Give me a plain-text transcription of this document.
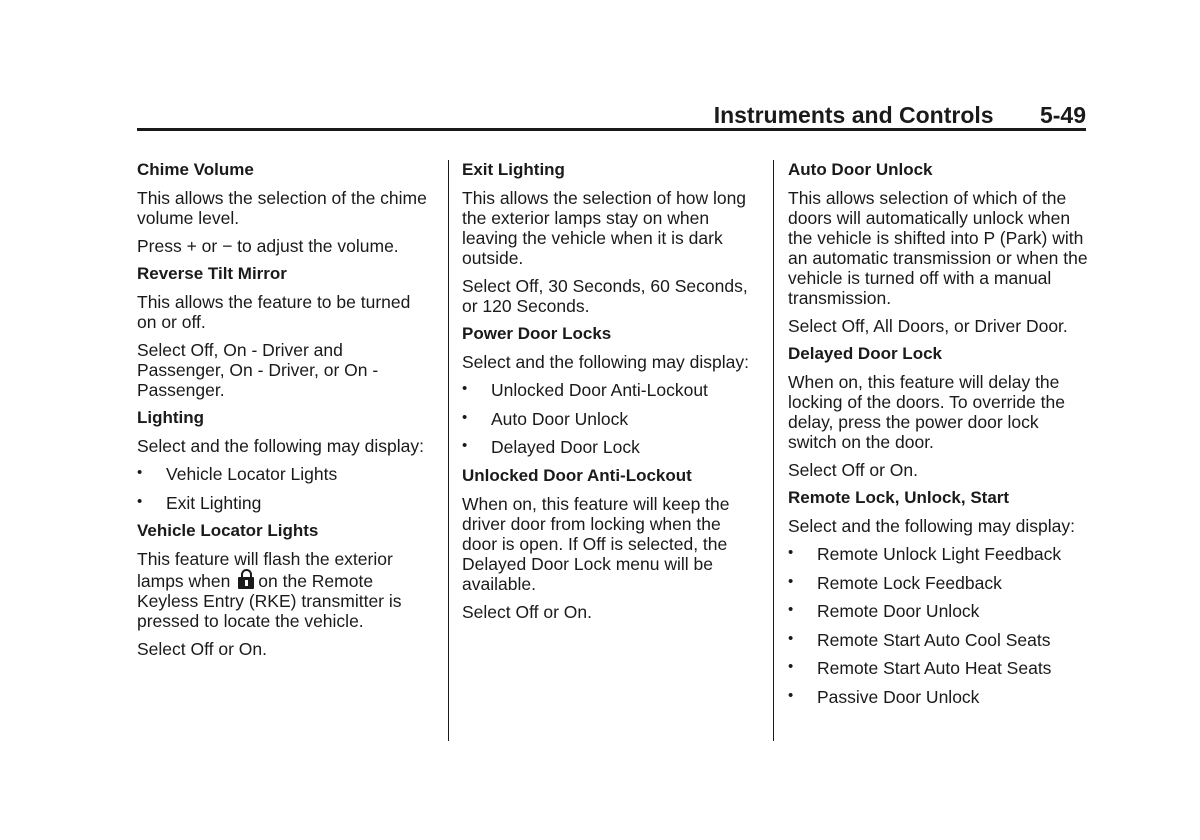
Instruments and Controls 5-49
Chime Volume
This allows the selection of the chime volume level.
Press + or − to adjust the volume.
Reverse Tilt Mirror
This allows the feature to be turned on or off.
Select Off, On - Driver and Passenger, On - Driver, or On - Passenger.
Lighting
Select and the following may display:
• Vehicle Locator Lights
• Exit Lighting
Vehicle Locator Lights
This feature will flash the exterior lamps when on the Remote Keyless Entry (RKE) transmitter is pressed to locate the vehicle.
Select Off or On.
Exit Lighting
This allows the selection of how long the exterior lamps stay on when leaving the vehicle when it is dark outside.
Select Off, 30 Seconds, 60 Seconds, or 120 Seconds.
Power Door Locks
Select and the following may display:
• Unlocked Door Anti-Lockout
• Auto Door Unlock
• Delayed Door Lock
Unlocked Door Anti-Lockout
When on, this feature will keep the driver door from locking when the door is open. If Off is selected, the Delayed Door Lock menu will be available.
Select Off or On.
Auto Door Unlock
This allows selection of which of the doors will automatically unlock when the vehicle is shifted into P (Park) with an automatic transmission or when the vehicle is turned off with a manual transmission.
Select Off, All Doors, or Driver Door.
Delayed Door Lock
When on, this feature will delay the locking of the doors. To override the delay, press the power door lock switch on the door.
Select Off or On.
Remote Lock, Unlock, Start
Select and the following may display:
• Remote Unlock Light Feedback
• Remote Lock Feedback
• Remote Door Unlock
• Remote Start Auto Cool Seats
• Remote Start Auto Heat Seats
• Passive Door Unlock
